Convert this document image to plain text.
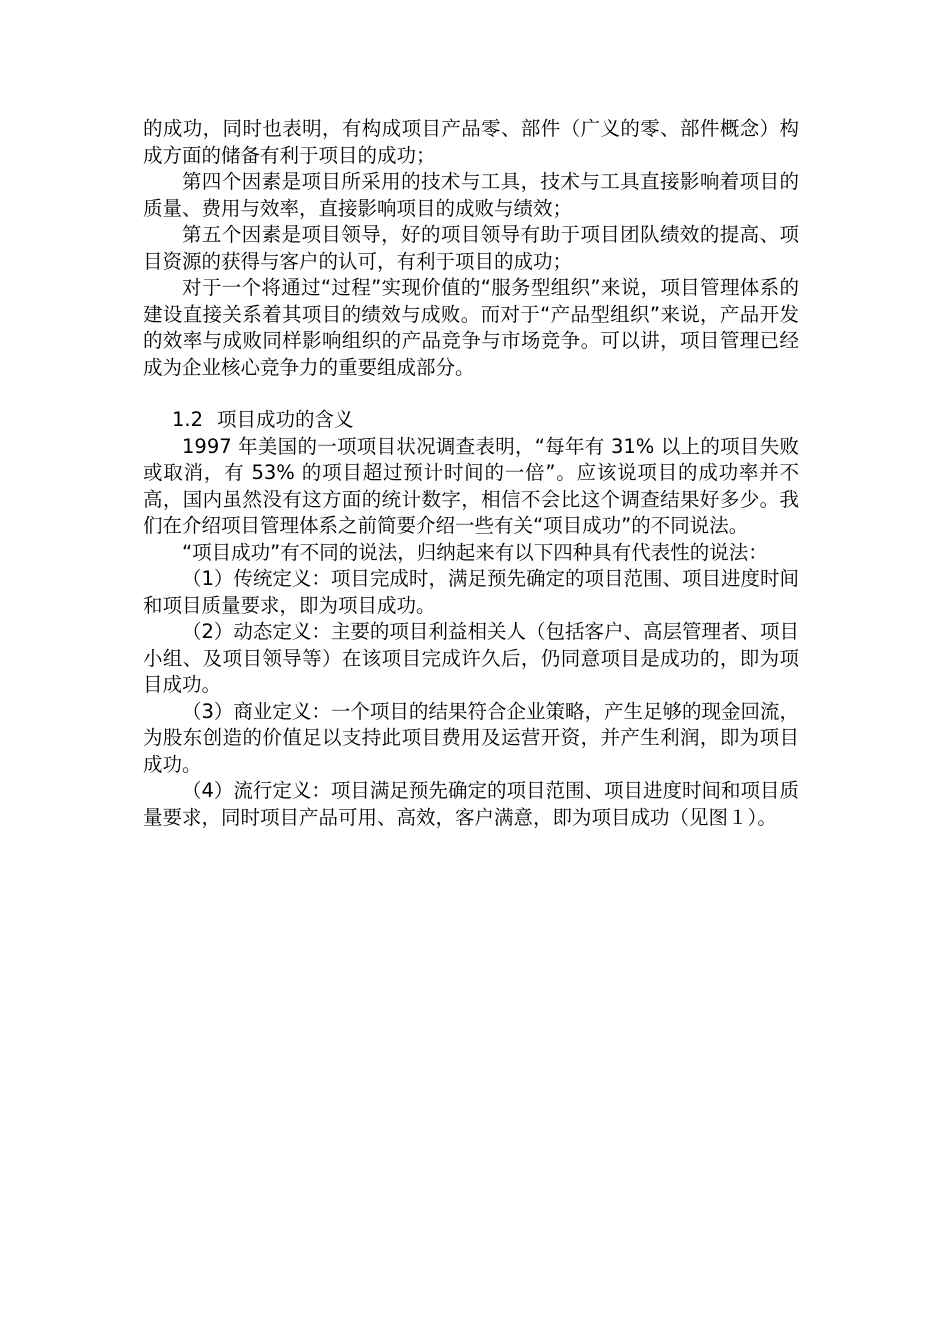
的成功，同时也表明，有构成项目产品零、部件（广义的零、部件概念）构成方面的储备有利于项目的成功；

第四个因素是项目所采用的技术与工具，技术与工具直接影响着项目的质量、费用与效率，直接影响项目的成败与绩效；

第五个因素是项目领导，好的项目领导有助于项目团队绩效的提高、项目资源的获得与客户的认可，有利于项目的成功；

对于一个将通过“过程”实现价值的“服务型组织”来说，项目管理体系的建设直接关系着其项目的绩效与成败。而对于“产品型组织”来说，产品开发的效率与成败同样影响组织的产品竞争与市场竞争。可以讲，项目管理已经成为企业核心竞争力的重要组成部分。

1.2 项目成功的含义

1997 年美国的一项项目状况调查表明，“每年有 31% 以上的项目失败或取消，有 53% 的项目超过预计时间的一倍”。应该说项目的成功率并不高，国内虽然没有这方面的统计数字，相信不会比这个调查结果好多少。我们在介绍项目管理体系之前简要介绍一些有关“项目成功”的不同说法。

“项目成功”有不同的说法，归纳起来有以下四种具有代表性的说法：

（1）传统定义：项目完成时，满足预先确定的项目范围、项目进度时间和项目质量要求，即为项目成功。

（2）动态定义：主要的项目利益相关人（包括客户、高层管理者、项目小组、及项目领导等）在该项目完成许久后，仍同意项目是成功的，即为项目成功。

（3）商业定义：一个项目的结果符合企业策略，产生足够的现金回流，为股东创造的价值足以支持此项目费用及运营开资，并产生利润，即为项目成功。

（4）流行定义：项目满足预先确定的项目范围、项目进度时间和项目质量要求，同时项目产品可用、高效，客户满意，即为项目成功（见图１）。
